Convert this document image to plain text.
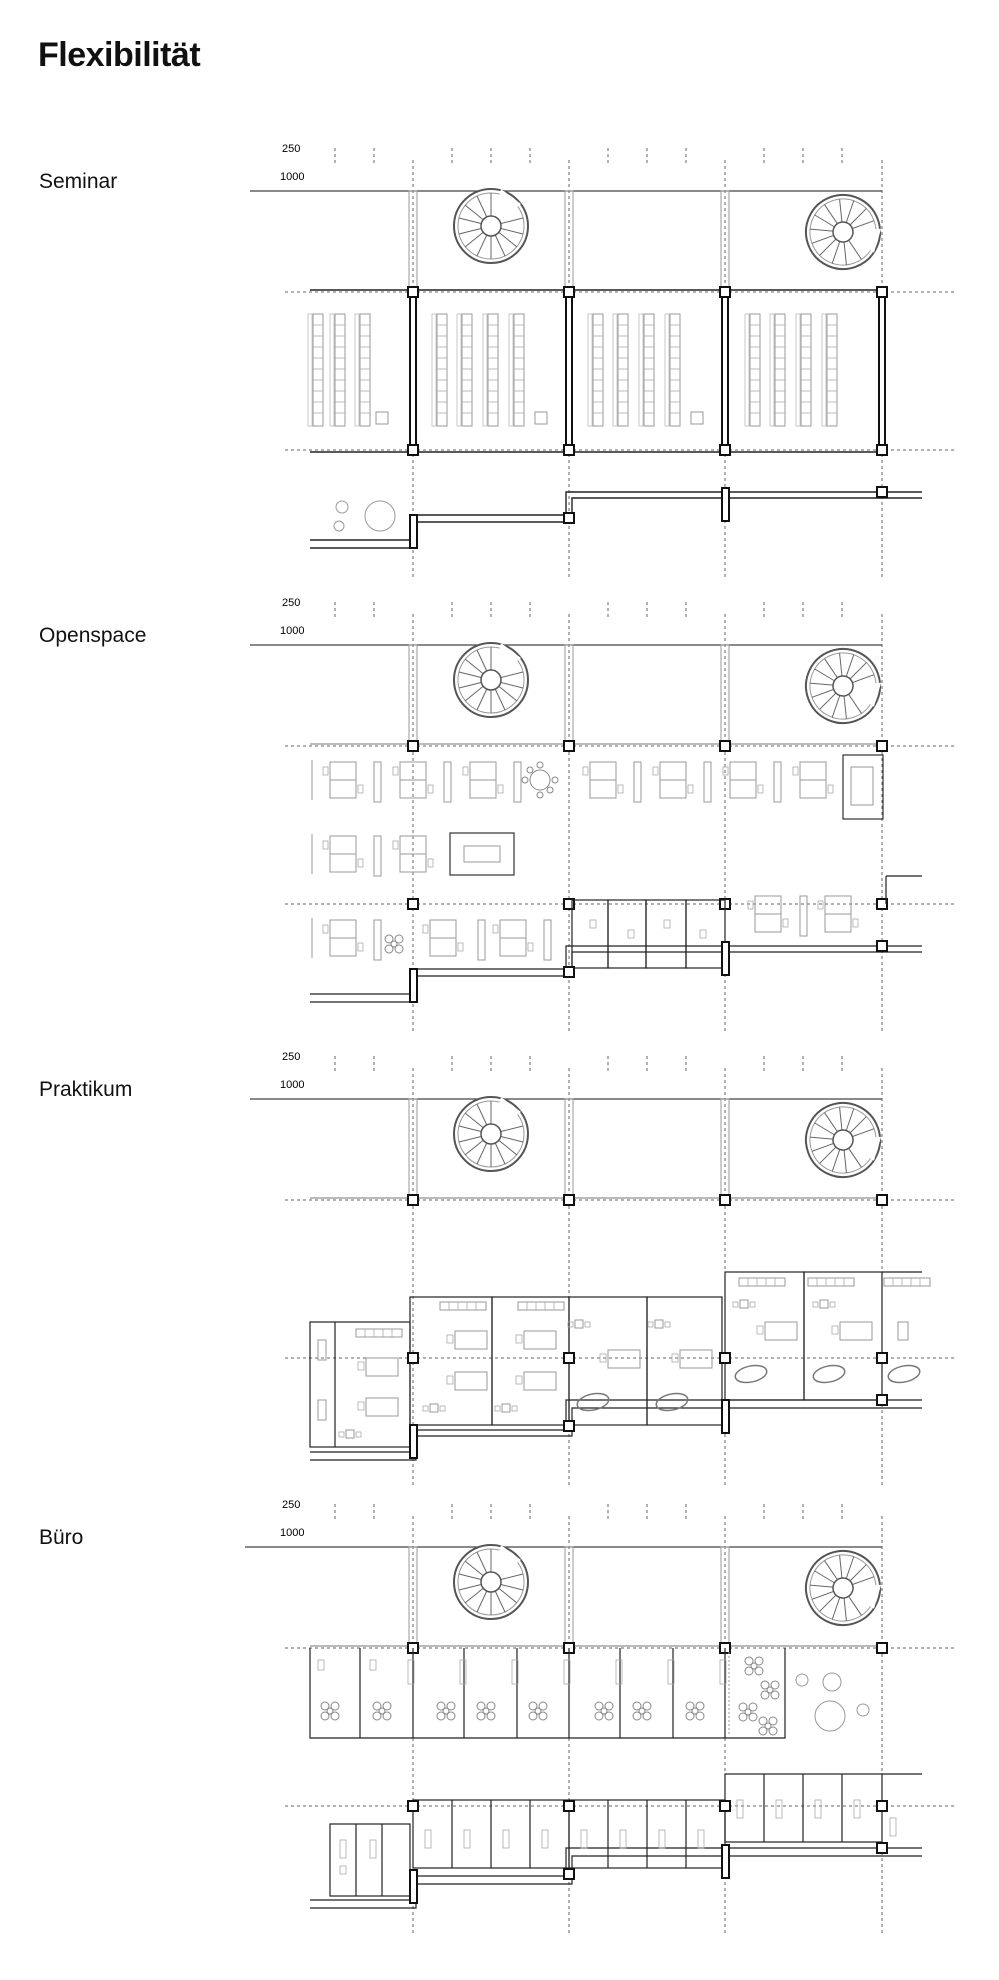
Flexibilität
Seminar
Openspace
Praktikum
Büro
250
1000
250
1000
250
1000
250
1000
